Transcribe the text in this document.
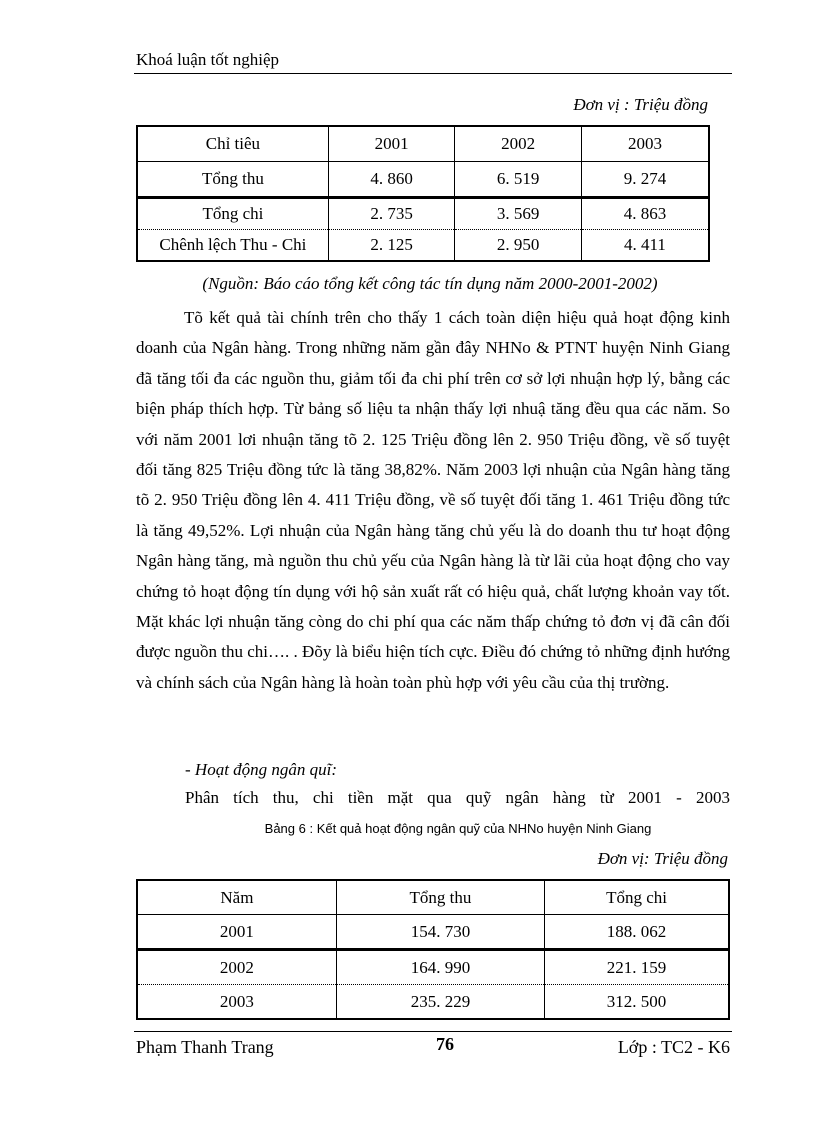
Khoá luận tốt nghiệp
Đơn vị : Triệu đồng
Chỉ tiêu	2001	2002	2003
Tổng thu	4. 860	6. 519	9. 274
Tổng chi	2. 735	3. 569	4. 863
Chênh lệch Thu - Chi	2. 125	2. 950	4. 411
(Nguồn: Báo cáo tổng kết công tác tín dụng năm 2000-2001-2002)

Tõ kết quả tài chính trên cho thấy 1 cách toàn diện hiệu quả hoạt động kinh doanh của Ngân hàng. Trong những năm gần đây NHNo & PTNT huyện Ninh Giang đã tăng tối đa các nguồn thu, giảm tối đa chi phí trên cơ sở lợi nhuận hợp lý, bằng các biện pháp thích hợp. Từ bảng số liệu ta nhận thấy lợi nhuậ tăng đều qua các năm. So với năm 2001 lơi nhuận tăng tõ 2. 125 Triệu đồng lên 2. 950 Triệu đồng, về số tuyệt đối tăng 825 Triệu đồng tức là tăng 38,82%. Năm 2003 lợi nhuận của Ngân hàng tăng tõ 2. 950 Triệu đồng lên 4. 411 Triệu đồng, về số tuyệt đối tăng 1. 461 Triệu đồng tức là tăng 49,52%. Lợi nhuận của Ngân hàng tăng chủ yếu là do doanh thu tư hoạt động Ngân hàng tăng, mà nguồn thu chủ yếu của Ngân hàng là từ lãi của hoạt động cho vay chứng tỏ hoạt động tín dụng với hộ sản xuất rất có hiệu quả, chất lượng khoản vay tốt. Mặt khác lợi nhuận tăng còng do chi phí qua các năm thấp chứng tỏ đơn vị đã cân đối được nguồn thu chi…. . Đõy là biểu hiện tích cực. Điều đó chứng tỏ những định hướng và chính sách của Ngân hàng là hoàn toàn phù hợp với yêu cầu của thị trường.

- Hoạt động ngân quĩ:
Phân tích thu, chi tiền mặt qua quỹ ngân hàng từ 2001 - 2003
Bảng 6 : Kết quả hoạt động ngân quỹ của NHNo huyện Ninh Giang
Đơn vị: Triệu đồng
Năm	Tổng thu	Tổng chi
2001	154. 730	188. 062
2002	164. 990	221. 159
2003	235. 229	312. 500
Phạm Thanh Trang	76	Lớp : TC2 - K6
